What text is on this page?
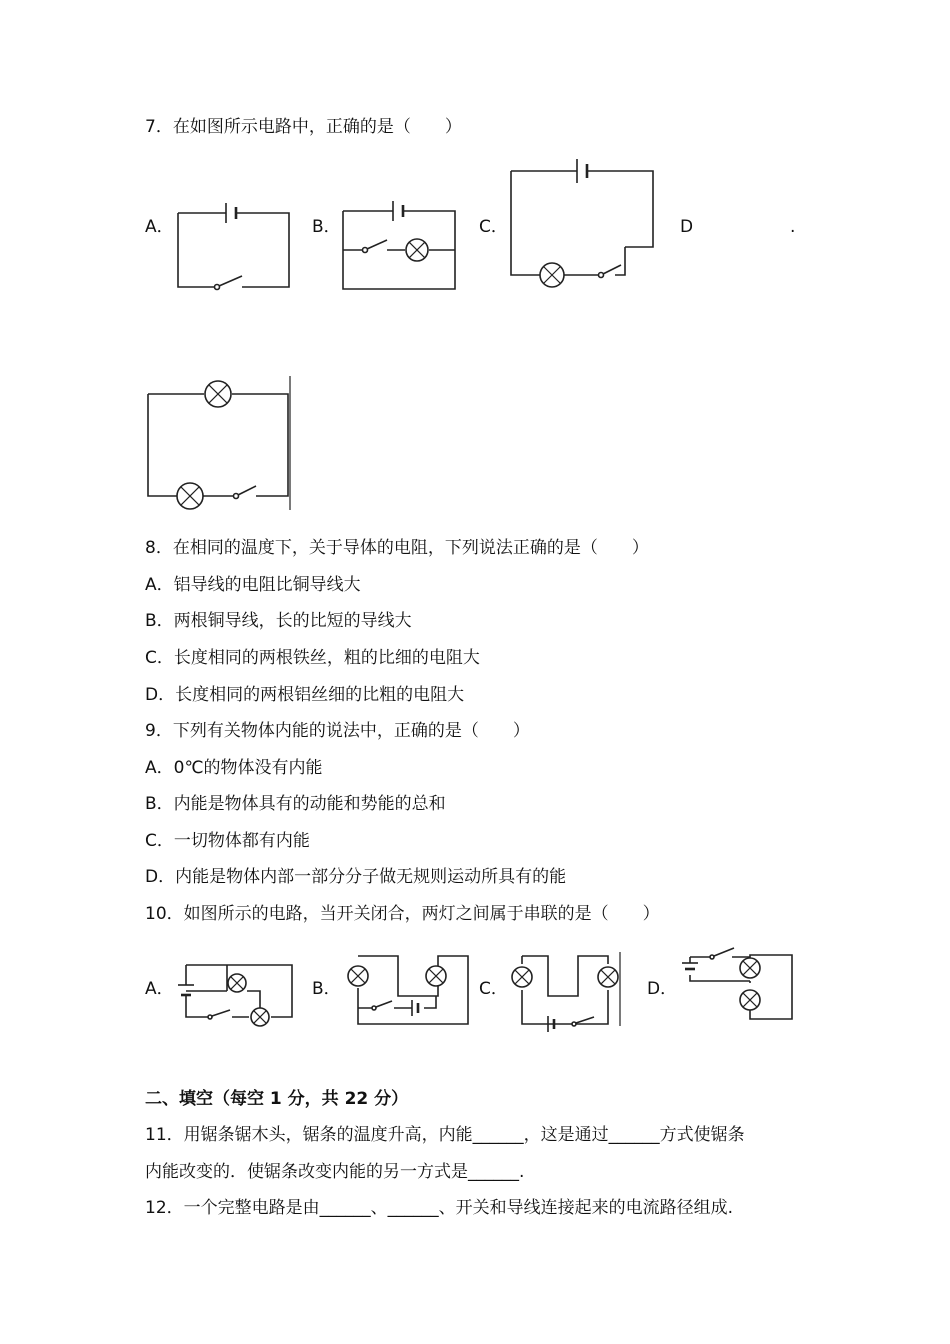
7．在如图所示电路中，正确的是（　　）
A．	B．	C．	D	.
8．在相同的温度下，关于导体的电阻，下列说法正确的是（　　）
A．铝导线的电阻比铜导线大
B．两根铜导线，长的比短的导线大
C．长度相同的两根铁丝，粗的比细的电阻大
D．长度相同的两根铝丝细的比粗的电阻大
9．下列有关物体内能的说法中，正确的是（　　）
A．0℃的物体没有内能
B．内能是物体具有的动能和势能的总和
C．一切物体都有内能
D．内能是物体内部一部分分子做无规则运动所具有的能
10．如图所示的电路，当开关闭合，两灯之间属于串联的是（　　）
A．	B．	C．	D．
二、填空（每空 1 分，共 22 分）
11．用锯条锯木头，锯条的温度升高，内能______，这是通过______方式使锯条
内能改变的．使锯条改变内能的另一方式是______.
12．一个完整电路是由______、______、开关和导线连接起来的电流路径组成.
